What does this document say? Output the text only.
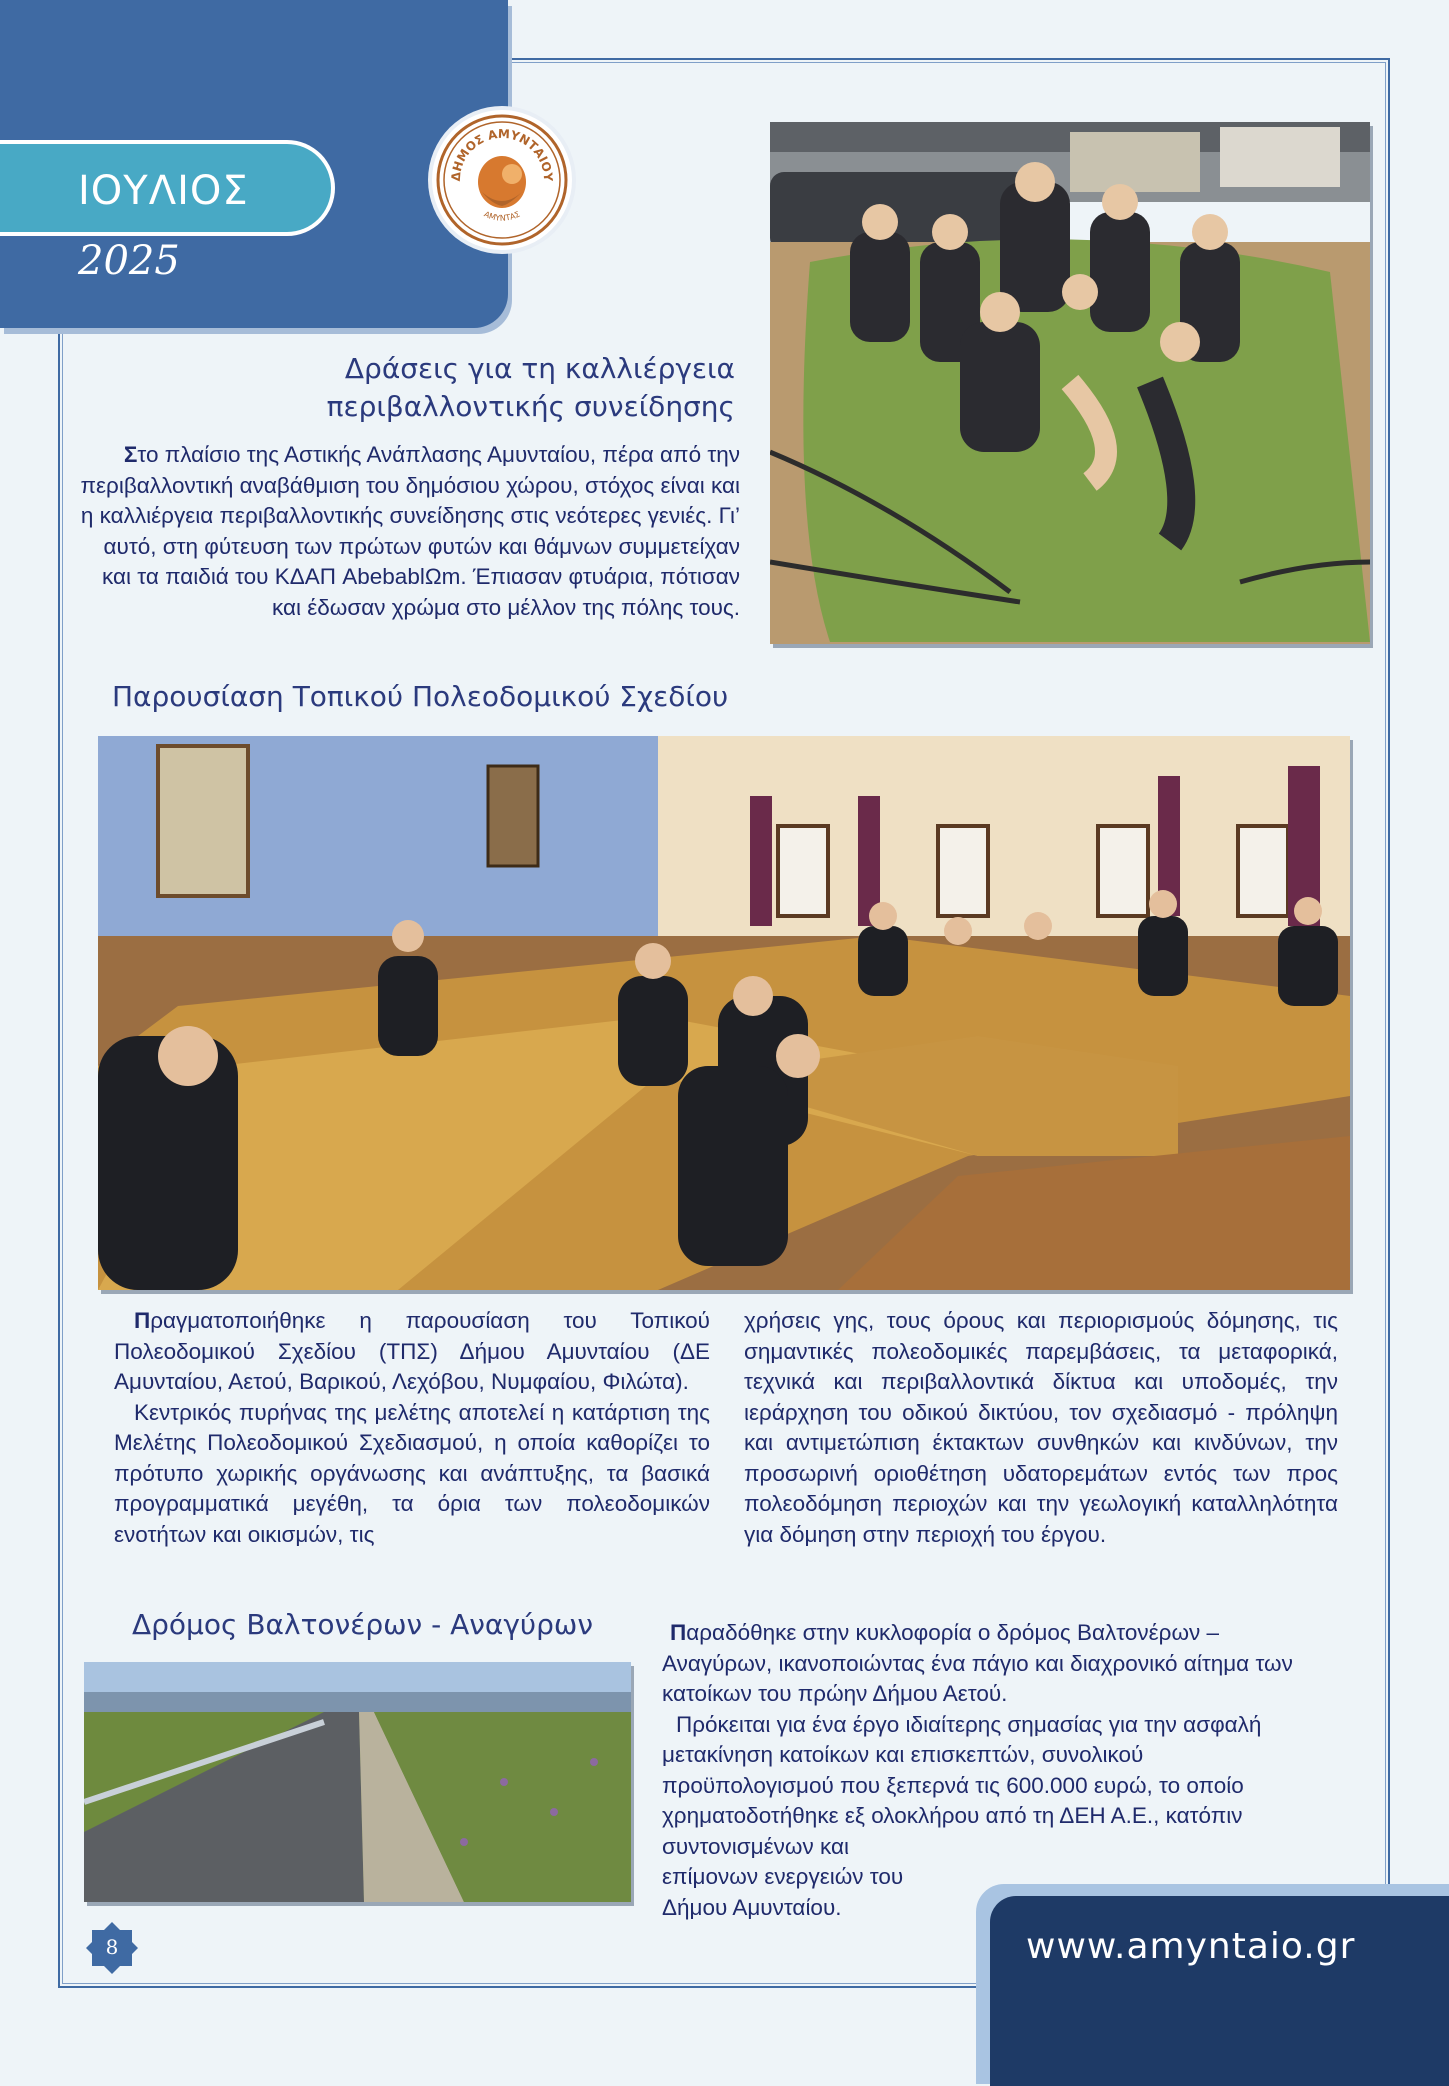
ΙΟΥΛΙΟΣ
2025
ΔΗΜΟΣ ΑΜΥΝΤΑΙΟΥ
ΑΜΥΝΤΑΣ
Δράσεις για τη καλλιέργεια
περιβαλλοντικής συνείδησης
Στο πλαίσιο της Αστικής Ανάπλασης Αμυνταίου, πέρα από την περιβαλλοντική αναβάθμιση του δημόσιου χώρου, στόχος είναι και η καλλιέργεια περιβαλλοντικής συνείδησης στις νεότερες γενιές. Γι’ αυτό, στη φύτευση των πρώτων φυτών και θάμνων συμμετείχαν και τα παιδιά του ΚΔΑΠ AbebablΩm. Έπιασαν φτυάρια, πότισαν και έδωσαν χρώμα στο μέλλον της πόλης τους.
Παρουσίαση Τοπικού Πολεοδομικού Σχεδίου
Πραγματοποιήθηκε η παρουσίαση του Τοπικού Πολεοδομικού Σχεδίου (ΤΠΣ) Δήμου Αμυνταίου (ΔΕ Αμυνταίου, Αετού, Βαρικού, Λεχόβου, Νυμφαίου, Φιλώτα).
Κεντρικός πυρήνας της μελέτης αποτελεί η κατάρτιση της Μελέτης Πολεοδομικού Σχεδιασμού, η οποία καθορίζει το πρότυπο χωρικής οργάνωσης και ανάπτυξης, τα βασικά προγραμματικά μεγέθη, τα όρια των πολεοδομικών ενοτήτων και οικισμών, τις
χρήσεις γης, τους όρους και περιορισμούς δόμησης, τις σημαντικές πολεοδομικές παρεμβάσεις, τα μεταφορικά, τεχνικά και περιβαλλοντικά δίκτυα και υποδομές, την ιεράρχηση του οδικού δικτύου, τον σχεδιασμό - πρόληψη και αντιμετώπιση έκτακτων συνθηκών και κινδύνων, την προσωρινή οριοθέτηση υδατορεμάτων εντός των προς πολεοδόμηση περιοχών και την γεωλογική καταλληλότητα για δόμηση στην περιοχή του έργου.
Δρόμος Βαλτονέρων - Αναγύρων	Παραδόθηκε στην κυκλοφορία ο δρόμος Βαλτονέρων – Αναγύρων, ικανοποιώντας ένα πάγιο και διαχρονικό αίτημα των κατοίκων του πρώην Δήμου Αετού.
Πρόκειται για ένα έργο ιδιαίτερης σημασίας για την ασφαλή
μετακίνηση κατοίκων και επισκεπτών, συνολικού
προϋπολογισμού που ξεπερνά τις 600.000 ευρώ, το οποίο
χρηματοδοτήθηκε εξ ολοκλήρου από τη ΔΕΗ Α.Ε., κατόπιν
συντονισμένων και
επίμονων ενεργειών του
Δήμου Αμυνταίου.
8	www.amyntaio.gr
